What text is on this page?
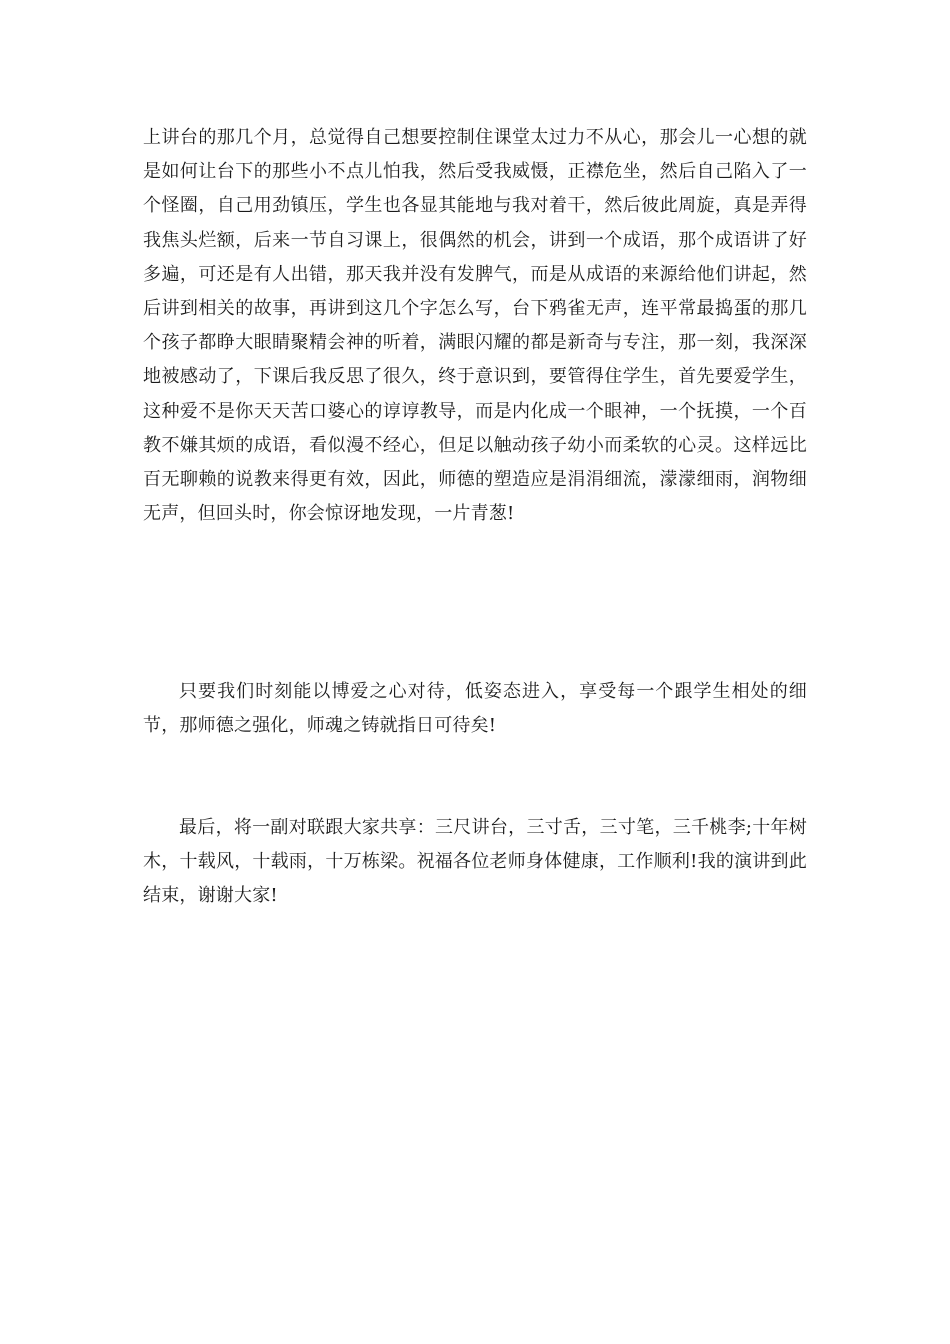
上讲台的那几个月，总觉得自己想要控制住课堂太过力不从心，那会儿一心想的就是如何让台下的那些小不点儿怕我，然后受我威慑，正襟危坐，然后自己陷入了一个怪圈，自己用劲镇压，学生也各显其能地与我对着干，然后彼此周旋，真是弄得我焦头烂额，后来一节自习课上，很偶然的机会，讲到一个成语，那个成语讲了好多遍，可还是有人出错，那天我并没有发脾气，而是从成语的来源给他们讲起，然后讲到相关的故事，再讲到这几个字怎么写，台下鸦雀无声，连平常最捣蛋的那几个孩子都睁大眼睛聚精会神的听着，满眼闪耀的都是新奇与专注，那一刻，我深深地被感动了，下课后我反思了很久，终于意识到，要管得住学生，首先要爱学生，这种爱不是你天天苦口婆心的谆谆教导，而是内化成一个眼神，一个抚摸，一个百教不嫌其烦的成语，看似漫不经心，但足以触动孩子幼小而柔软的心灵。这样远比百无聊赖的说教来得更有效，因此，师德的塑造应是涓涓细流，濛濛细雨，润物细无声，但回头时，你会惊讶地发现，一片青葱!

只要我们时刻能以博爱之心对待，低姿态进入，享受每一个跟学生相处的细节，那师德之强化，师魂之铸就指日可待矣!

最后，将一副对联跟大家共享：三尺讲台，三寸舌，三寸笔，三千桃李;十年树木，十载风，十载雨，十万栋梁。祝福各位老师身体健康，工作顺利!我的演讲到此结束，谢谢大家!
